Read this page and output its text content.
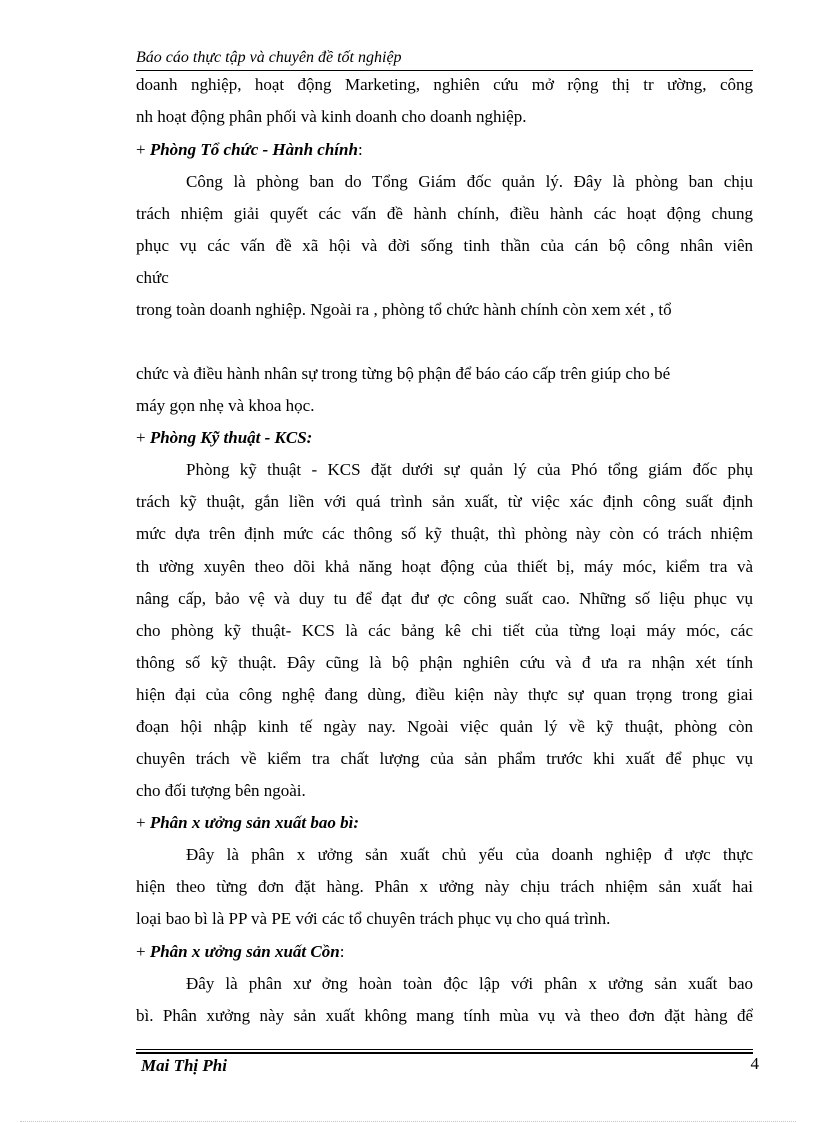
Báo cáo thực tập và chuyên đề tốt nghiệp
doanh nghiệp, hoạt động Marketing, nghiên cứu mở rộng thị tr ường, công
nh hoạt động phân phối và kinh doanh cho doanh nghiệp.
+ Phòng Tổ chức - Hành chính:
Công là phòng ban do Tổng Giám đốc quản lý. Đây là phòng ban chịu
trách nhiệm giải quyết các vấn đề hành chính, điều hành các hoạt động chung
phục vụ các vấn đề xã hội và đời sống tinh thần của cán bộ công nhân viên
chức
trong toàn doanh nghiệp. Ngoài ra , phòng tổ chức hành chính còn xem xét , tổ
chức và điều hành nhân sự trong từng bộ phận để báo cáo cấp trên giúp cho bé
máy gọn nhẹ và khoa học.
+ Phòng Kỹ thuật - KCS:
Phòng kỹ thuật - KCS đặt dưới sự quản lý của Phó tổng giám đốc phụ
trách kỹ thuật, gắn liền với quá trình sản xuất, từ việc xác định công suất định
mức dựa trên định mức các thông số kỹ thuật, thì phòng này còn có trách nhiệm
th ường xuyên theo dõi khả năng hoạt động của thiết bị, máy móc, kiểm tra và
nâng cấp, bảo vệ và duy tu để đạt đư ợc công suất cao. Những số liệu phục vụ
cho phòng kỹ thuật- KCS là các bảng kê chi tiết của từng loại máy móc, các
thông số kỹ thuật. Đây cũng là bộ phận nghiên cứu và đ ưa ra nhận xét tính
hiện đại của công nghệ đang dùng, điều kiện này thực sự quan trọng trong giai
đoạn hội nhập kinh tế ngày nay. Ngoài việc quản lý về kỹ thuật, phòng còn
chuyên trách về kiểm tra chất lượng của sản phẩm trước khi xuất để phục vụ
cho đối tượng bên ngoài.
+ Phân x ưởng sản xuất bao bì:
Đây là phân x ưởng sản xuất chủ yếu của doanh nghiệp đ ược thực
hiện theo từng đơn đặt hàng. Phân x ưởng này chịu trách nhiệm sản xuất hai
loại bao bì là PP và PE với các tổ chuyên trách phục vụ cho quá trình.
+ Phân x ưởng sản xuất Cồn:
Đây là phân xư ởng hoàn toàn độc lập với phân x ưởng sản xuất bao
bì. Phân xưởng này sản xuất không mang tính mùa vụ và theo đơn đặt hàng để
Mai Thị Phi	4
